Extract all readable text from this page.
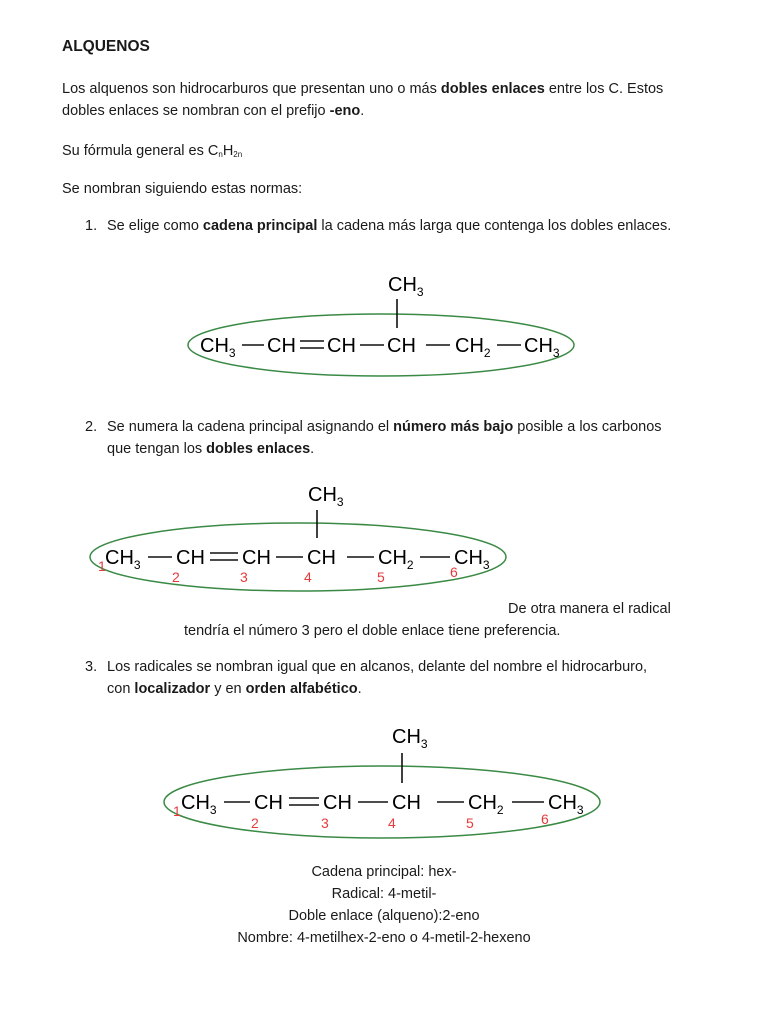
ALQUENOS
Los alquenos son hidrocarburos que presentan uno o más dobles enlaces entre los C. Estos
dobles enlaces se nombran con el prefijo -eno.
Su fórmula general es $C_nH_{2n}$
Se nombran siguiendo estas normas:
1. Se elige como cadena principal la cadena más larga que contenga los dobles enlaces.
$CH_3$
$CH_3$ CH CH CH $CH_2$ $CH_3$
2. Se numera la cadena principal asignando el número más bajo posible a los carbonos
que tengan los dobles enlaces.
$CH_3$
$CH_3$ CH CH CH $CH_2$ $CH_3$
1
2	3	4	5	6
De otra manera el radical
tendría el número 3 pero el doble enlace tiene preferencia.
3. Los radicales se nombran igual que en alcanos, delante del nombre el hidrocarburo,
con localizador y en orden alfabético.
$CH_3$
$CH_3$ CH CH CH $CH_2$ $CH_3$
1
2	3	4	5	6
Cadena principal: hex-
Radical: 4-metil-
Doble enlace (alqueno):2-eno
Nombre: 4-metilhex-2-eno o 4-metil-2-hexeno
